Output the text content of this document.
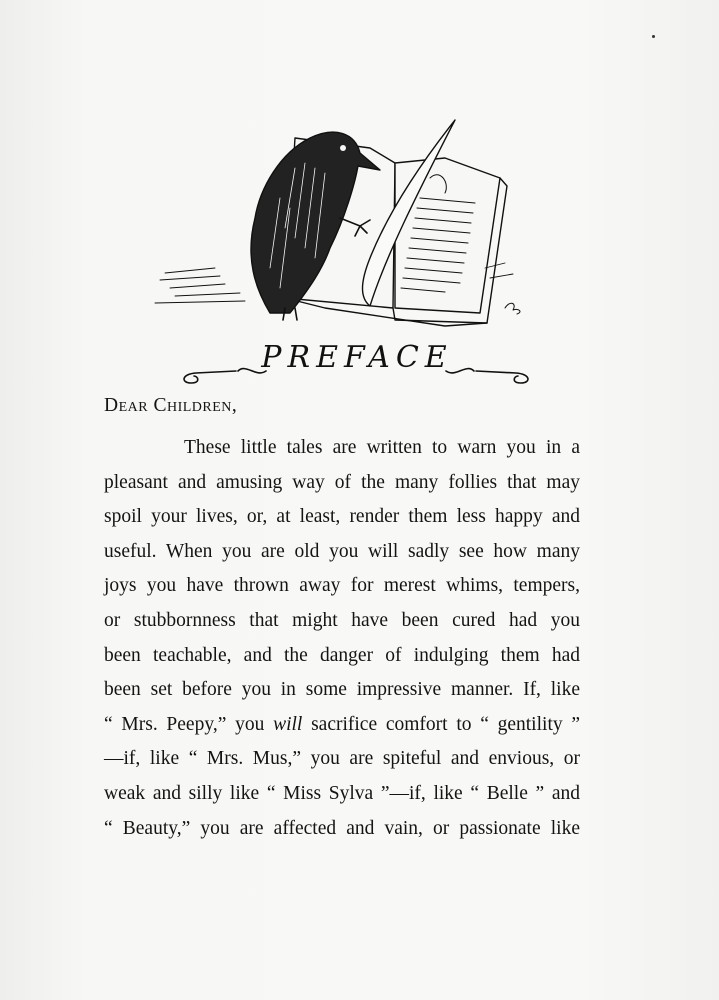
PREFACE
Dear Children,
These little tales are written to warn you in a
pleasant and amusing way of the many follies that may
spoil your lives, or, at least, render them less happy and
useful. When you are old you will sadly see how many
joys you have thrown away for merest whims, tempers,
or stubbornness that might have been cured had you
been teachable, and the danger of indulging them had
been set before you in some impressive manner. If, like
“ Mrs. Peepy,” you will sacrifice comfort to “ gentility ”
—if, like “ Mrs. Mus,” you are spiteful and envious, or
weak and silly like “ Miss Sylva ”—if, like “ Belle ” and
“ Beauty,” you are affected and vain, or passionate like
